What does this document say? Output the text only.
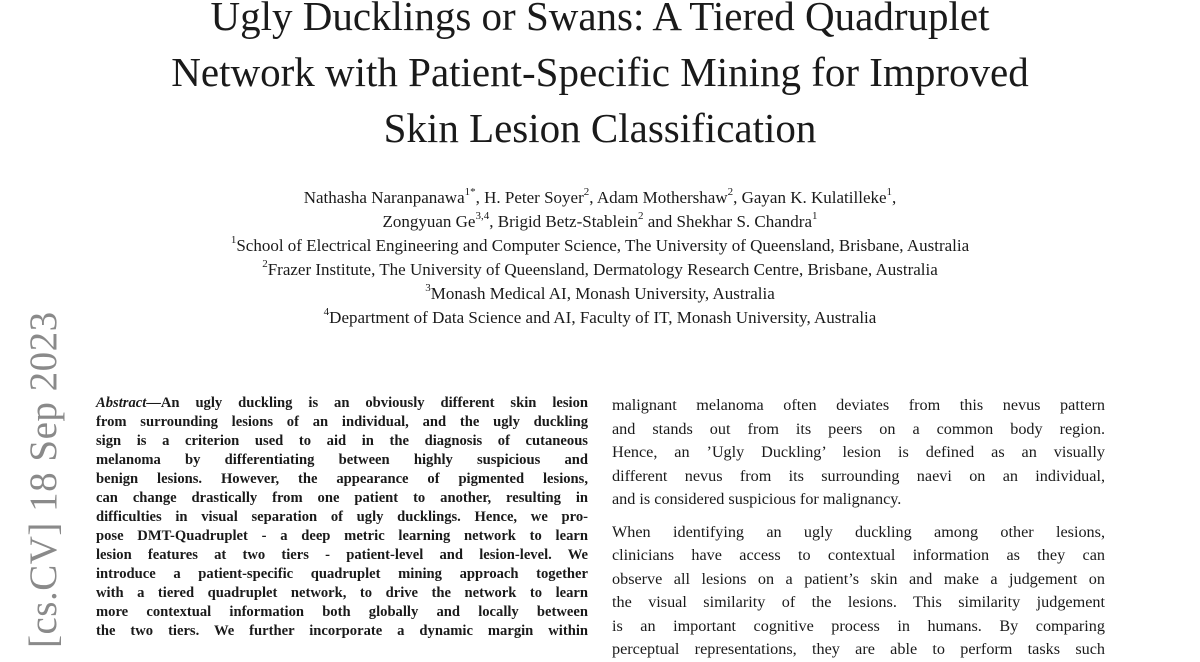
Ugly Ducklings or Swans: A Tiered Quadruplet
Network with Patient-Specific Mining for Improved
Skin Lesion Classification
Nathasha Naranpanawa$^{1*}$, H. Peter Soyer$^2$, Adam Mothershaw$^2$, Gayan K. Kulatilleke$^1$,
Zongyuan Ge$^{3,4}$, Brigid Betz-Stablein$^2$ and Shekhar S. Chandra$^1$
$^1$School of Electrical Engineering and Computer Science, The University of Queensland, Brisbane, Australia
$^2$Frazer Institute, The University of Queensland, Dermatology Research Centre, Brisbane, Australia
$^3$Monash Medical AI, Monash University, Australia
$^4$Department of Data Science and AI, Faculty of IT, Monash University, Australia
[cs.CV] 18 Sep 2023 Abstract—An ugly duckling is an obviously different skin lesion
from surrounding lesions of an individual, and the ugly duckling
sign is a criterion used to aid in the diagnosis of cutaneous
melanoma by differentiating between highly suspicious and
benign lesions. However, the appearance of pigmented lesions,
can change drastically from one patient to another, resulting in
difficulties in visual separation of ugly ducklings. Hence, we pro-
pose DMT-Quadruplet - a deep metric learning network to learn
lesion features at two tiers - patient-level and lesion-level. We
introduce a patient-specific quadruplet mining approach together
with a tiered quadruplet network, to drive the network to learn
more contextual information both globally and locally between
the two tiers. We further incorporate a dynamic margin within
malignant melanoma often deviates from this nevus pattern
and stands out from its peers on a common body region.
Hence, an ’Ugly Duckling’ lesion is defined as an visually
different nevus from its surrounding naevi on an individual,
and is considered suspicious for malignancy.
When identifying an ugly duckling among other lesions,
clinicians have access to contextual information as they can
observe all lesions on a patient’s skin and make a judgement on
the visual similarity of the lesions. This similarity judgement
is an important cognitive process in humans. By comparing
perceptual representations, they are able to perform tasks such
